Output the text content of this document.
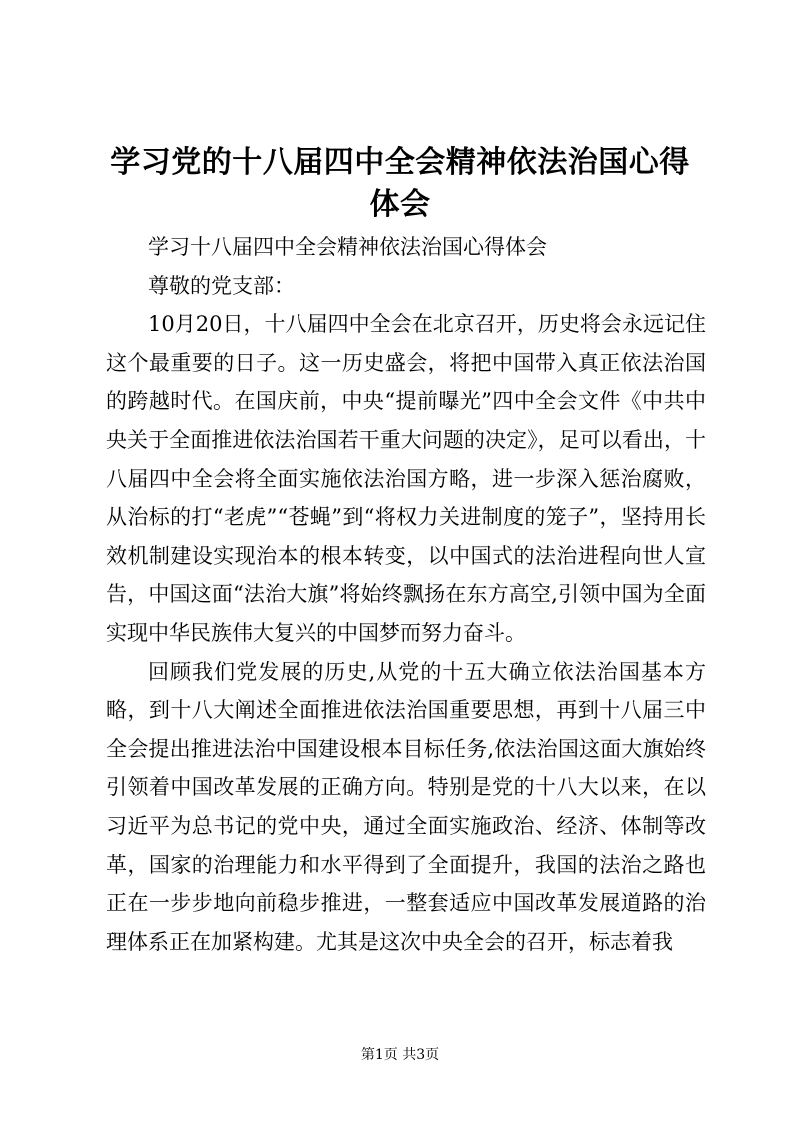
学习党的十八届四中全会精神依法治国心得体会

学习十八届四中全会精神依法治国心得体会

尊敬的党支部：

10月20日，十八届四中全会在北京召开，历史将会永远记住这个最重要的日子。这一历史盛会，将把中国带入真正依法治国的跨越时代。在国庆前，中央“提前曝光”四中全会文件《中共中央关于全面推进依法治国若干重大问题的决定》，足可以看出，十八届四中全会将全面实施依法治国方略，进一步深入惩治腐败，从治标的打“老虎”“苍蝇”到“将权力关进制度的笼子”，坚持用长效机制建设实现治本的根本转变，以中国式的法治进程向世人宣告，中国这面“法治大旗”将始终飘扬在东方高空,引领中国为全面实现中华民族伟大复兴的中国梦而努力奋斗。

回顾我们党发展的历史,从党的十五大确立依法治国基本方略，到十八大阐述全面推进依法治国重要思想，再到十八届三中全会提出推进法治中国建设根本目标任务,依法治国这面大旗始终引领着中国改革发展的正确方向。特别是党的十八大以来，在以习近平为总书记的党中央，通过全面实施政治、经济、体制等改革，国家的治理能力和水平得到了全面提升，我国的法治之路也正在一步步地向前稳步推进，一整套适应中国改革发展道路的治理体系正在加紧构建。尤其是这次中央全会的召开，标志着我

第1页 共3页
